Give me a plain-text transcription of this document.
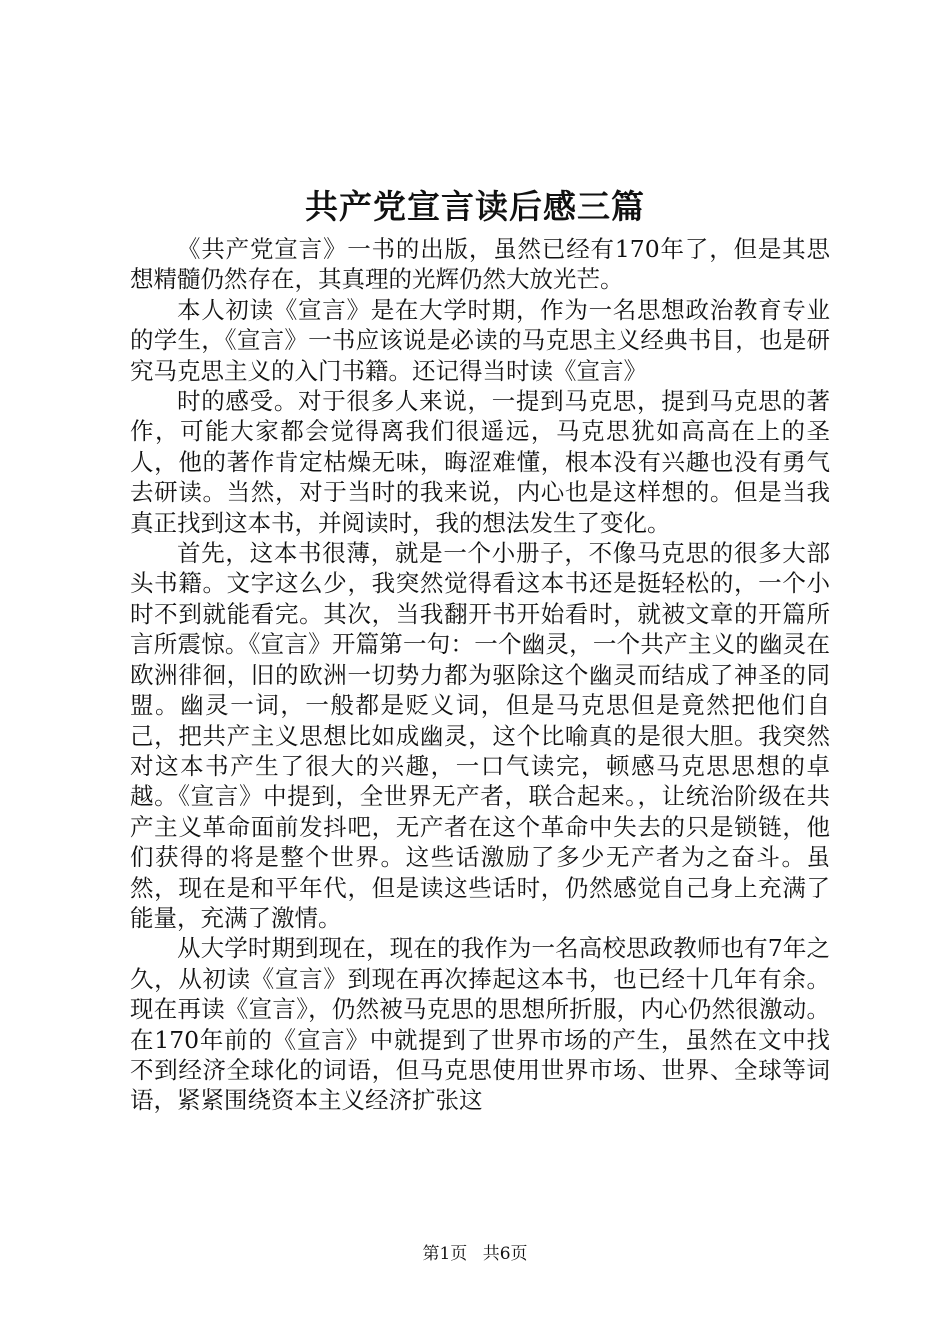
共产党宣言读后感三篇

《共产党宣言》一书的出版，虽然已经有170年了，但是其思想精髓仍然存在，其真理的光辉仍然大放光芒。

本人初读《宣言》是在大学时期，作为一名思想政治教育专业的学生，《宣言》一书应该说是必读的马克思主义经典书目，也是研究马克思主义的入门书籍。还记得当时读《宣言》

时的感受。对于很多人来说，一提到马克思，提到马克思的著作，可能大家都会觉得离我们很遥远，马克思犹如高高在上的圣人，他的著作肯定枯燥无味，晦涩难懂，根本没有兴趣也没有勇气去研读。当然，对于当时的我来说，内心也是这样想的。但是当我真正找到这本书，并阅读时，我的想法发生了变化。

首先，这本书很薄，就是一个小册子，不像马克思的很多大部头书籍。文字这么少，我突然觉得看这本书还是挺轻松的，一个小时不到就能看完。其次，当我翻开书开始看时，就被文章的开篇所言所震惊。《宣言》开篇第一句：一个幽灵，一个共产主义的幽灵在欧洲徘徊，旧的欧洲一切势力都为驱除这个幽灵而结成了神圣的同盟。幽灵一词，一般都是贬义词，但是马克思但是竟然把他们自己，把共产主义思想比如成幽灵，这个比喻真的是很大胆。我突然对这本书产生了很大的兴趣，一口气读完，顿感马克思思想的卓越。《宣言》中提到，全世界无产者，联合起来。，让统治阶级在共产主义革命面前发抖吧，无产者在这个革命中失去的只是锁链，他们获得的将是整个世界。这些话激励了多少无产者为之奋斗。虽然，现在是和平年代，但是读这些话时，仍然感觉自己身上充满了能量，充满了激情。

从大学时期到现在，现在的我作为一名高校思政教师也有7年之久，从初读《宣言》到现在再次捧起这本书，也已经十几年有余。现在再读《宣言》，仍然被马克思的思想所折服，内心仍然很激动。在170年前的《宣言》中就提到了世界市场的产生，虽然在文中找不到经济全球化的词语，但马克思使用世界市场、世界、全球等词语，紧紧围绕资本主义经济扩张这

第1页 共6页
